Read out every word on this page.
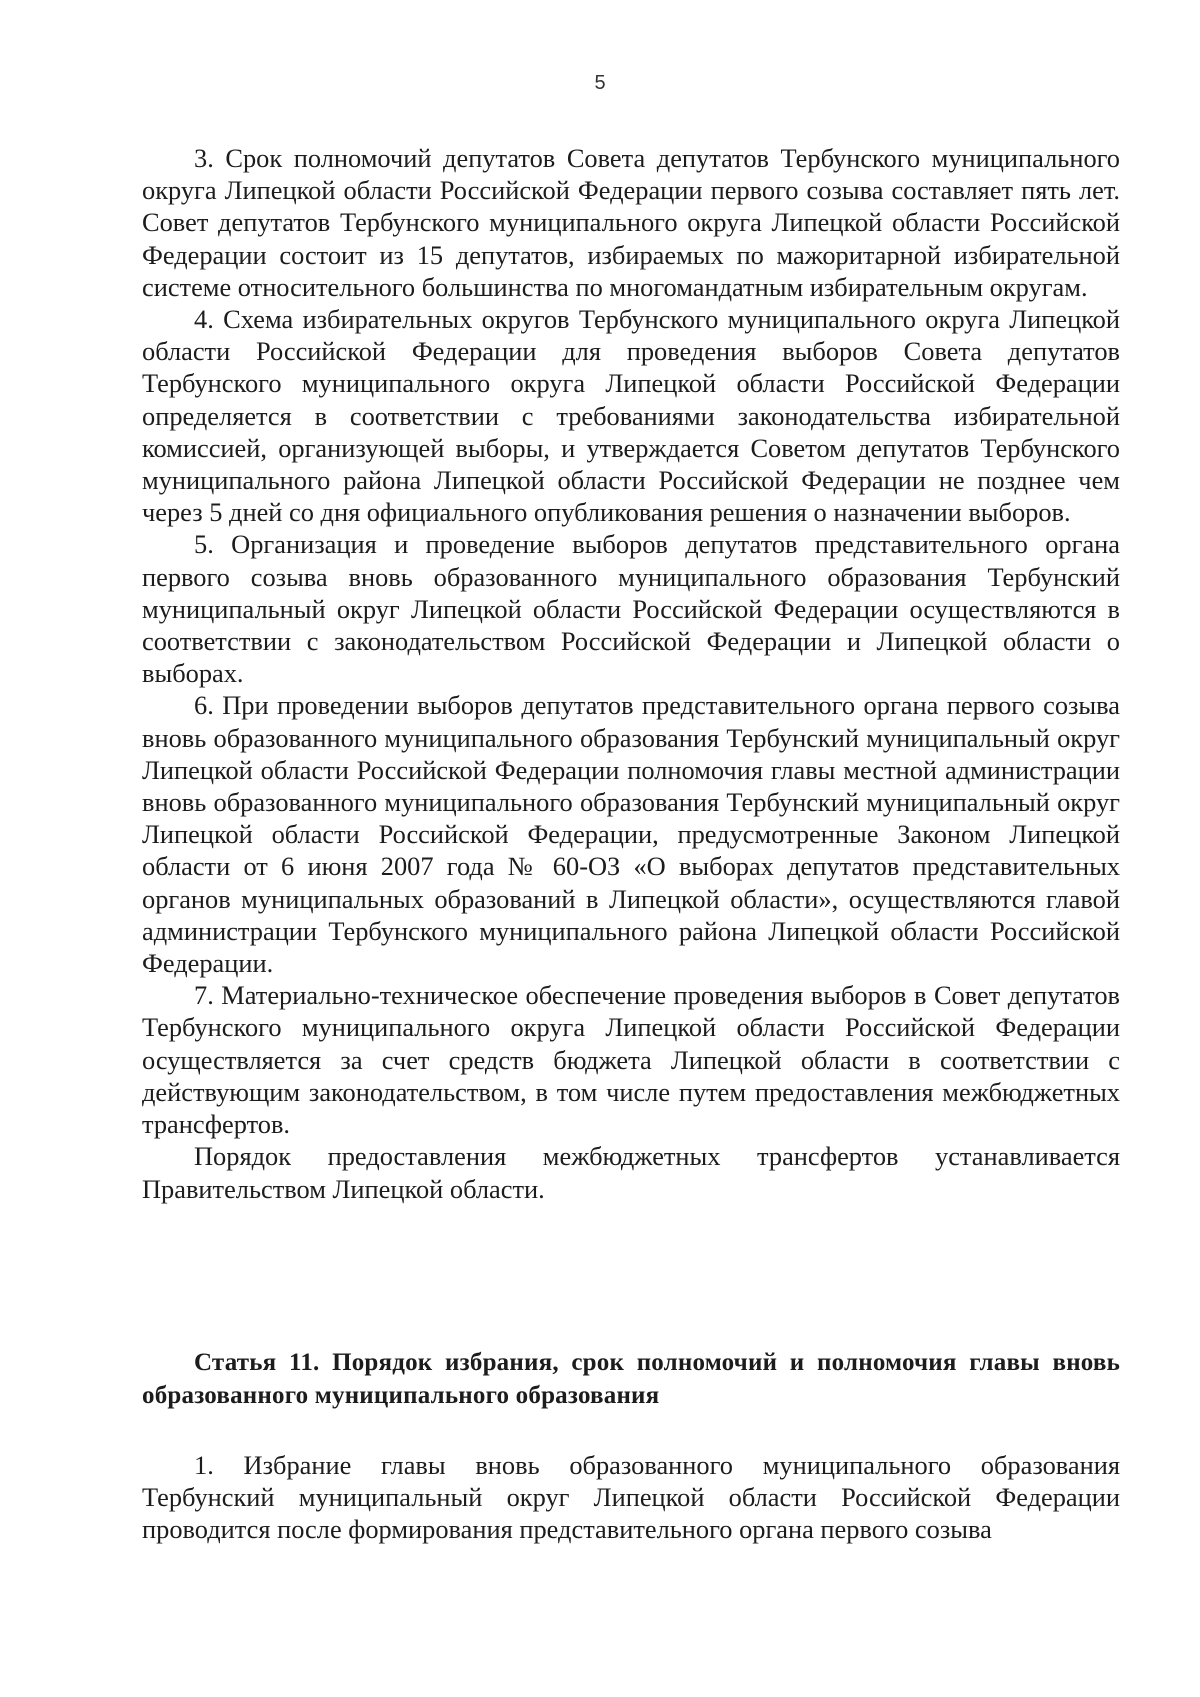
5

3. Срок полномочий депутатов Совета депутатов Тербунского муниципального округа Липецкой области Российской Федерации первого созыва составляет пять лет. Совет депутатов Тербунского муниципального округа Липецкой области Российской Федерации состоит из 15 депутатов, избираемых по мажоритарной избирательной системе относительного большинства по многомандатным избирательным округам.

4. Схема избирательных округов Тербунского муниципального округа Липецкой области Российской Федерации для проведения выборов Совета депутатов Тербунского муниципального округа Липецкой области Российской Федерации определяется в соответствии с требованиями законодательства избирательной комиссией, организующей выборы, и утверждается Советом депутатов Тербунского муниципального района Липецкой области Российской Федерации не позднее чем через 5 дней со дня официального опубликования решения о назначении выборов.

5. Организация и проведение выборов депутатов представительного органа первого созыва вновь образованного муниципального образования Тербунский муниципальный округ Липецкой области Российской Федерации осуществляются в соответствии с законодательством Российской Федерации и Липецкой области о выборах.

6. При проведении выборов депутатов представительного органа первого созыва вновь образованного муниципального образования Тербунский муниципальный округ Липецкой области Российской Федерации полномочия главы местной администрации вновь образованного муниципального образования Тербунский муниципальный округ Липецкой области Российской Федерации, предусмотренные Законом Липецкой области от 6 июня 2007 года № 60-ОЗ «О выборах депутатов представительных органов муниципальных образований в Липецкой области», осуществляются главой администрации Тербунского муниципального района Липецкой области Российской Федерации.

7. Материально-техническое обеспечение проведения выборов в Совет депутатов Тербунского муниципального округа Липецкой области Российской Федерации осуществляется за счет средств бюджета Липецкой области в соответствии с действующим законодательством, в том числе путем предоставления межбюджетных трансфертов.

Порядок предоставления межбюджетных трансфертов устанавливается Правительством Липецкой области.

Статья 11. Порядок избрания, срок полномочий и полномочия главы вновь образованного муниципального образования

1. Избрание главы вновь образованного муниципального образования Тербунский муниципальный округ Липецкой области Российской Федерации проводится после формирования представительного органа первого созыва
